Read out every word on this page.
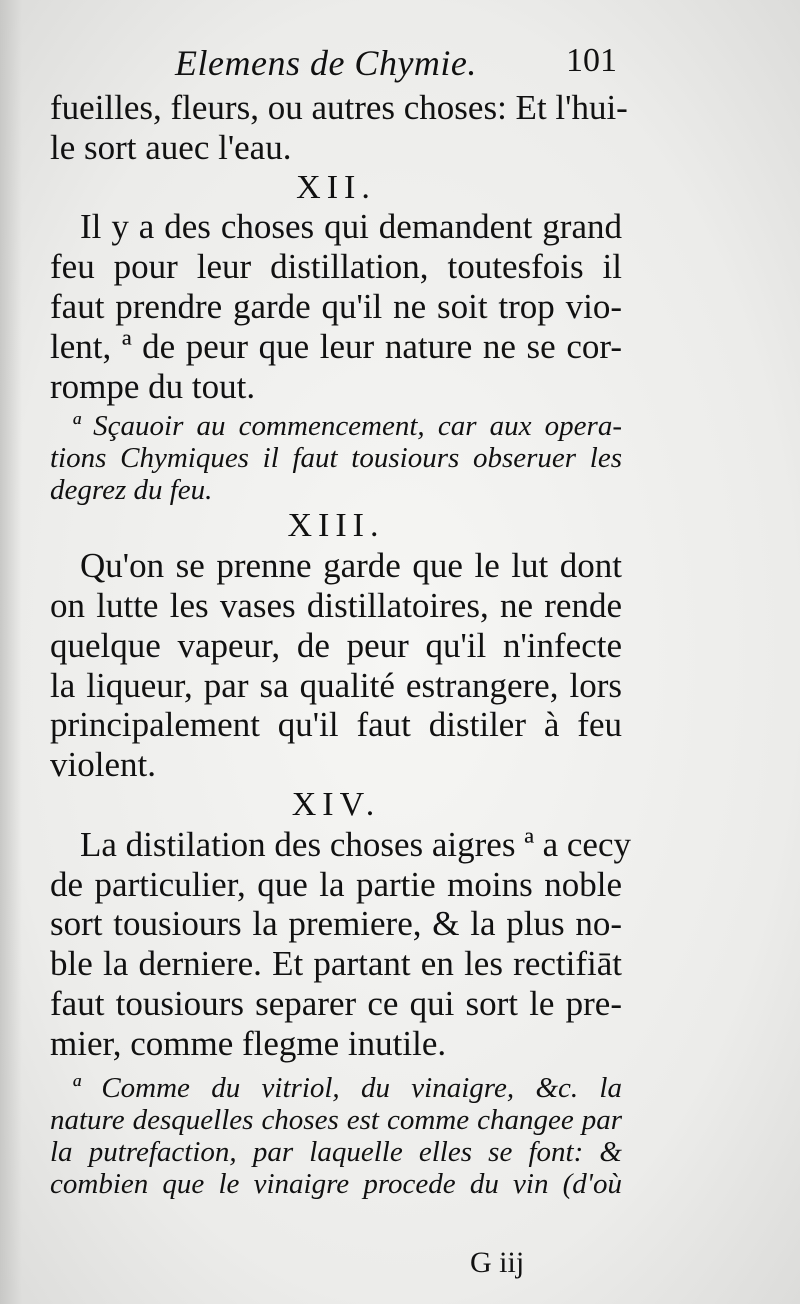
Elemens de Chymie.	101
fueilles, fleurs, ou autres choses: Et l'hui-
le sort auec l'eau.
XII.
Il y a des choses qui demandent grand
feu pour leur distillation, toutesfois il
faut prendre garde qu'il ne soit trop vio-
lent, ª de peur que leur nature ne se cor-
rompe du tout.
ª Sçauoir au commencement, car aux opera-
tions Chymiques il faut tousiours obseruer les
degrez du feu.
XIII.
Qu'on se prenne garde que le lut dont
on lutte les vases distillatoires, ne rende
quelque vapeur, de peur qu'il n'infecte
la liqueur, par sa qualité estrangere, lors
principalement qu'il faut distiler à feu
violent.
XIV.
La distilation des choses aigres ª a cecy
de particulier, que la partie moins noble
sort tousiours la premiere, & la plus no-
ble la derniere. Et partant en les rectifiāt
faut tousiours separer ce qui sort le pre-
mier, comme flegme inutile.
ª Comme du vitriol, du vinaigre, &c. la
nature desquelles choses est comme changee par
la putrefaction, par laquelle elles se font: &
combien que le vinaigre procede du vin (d'où
G iij
